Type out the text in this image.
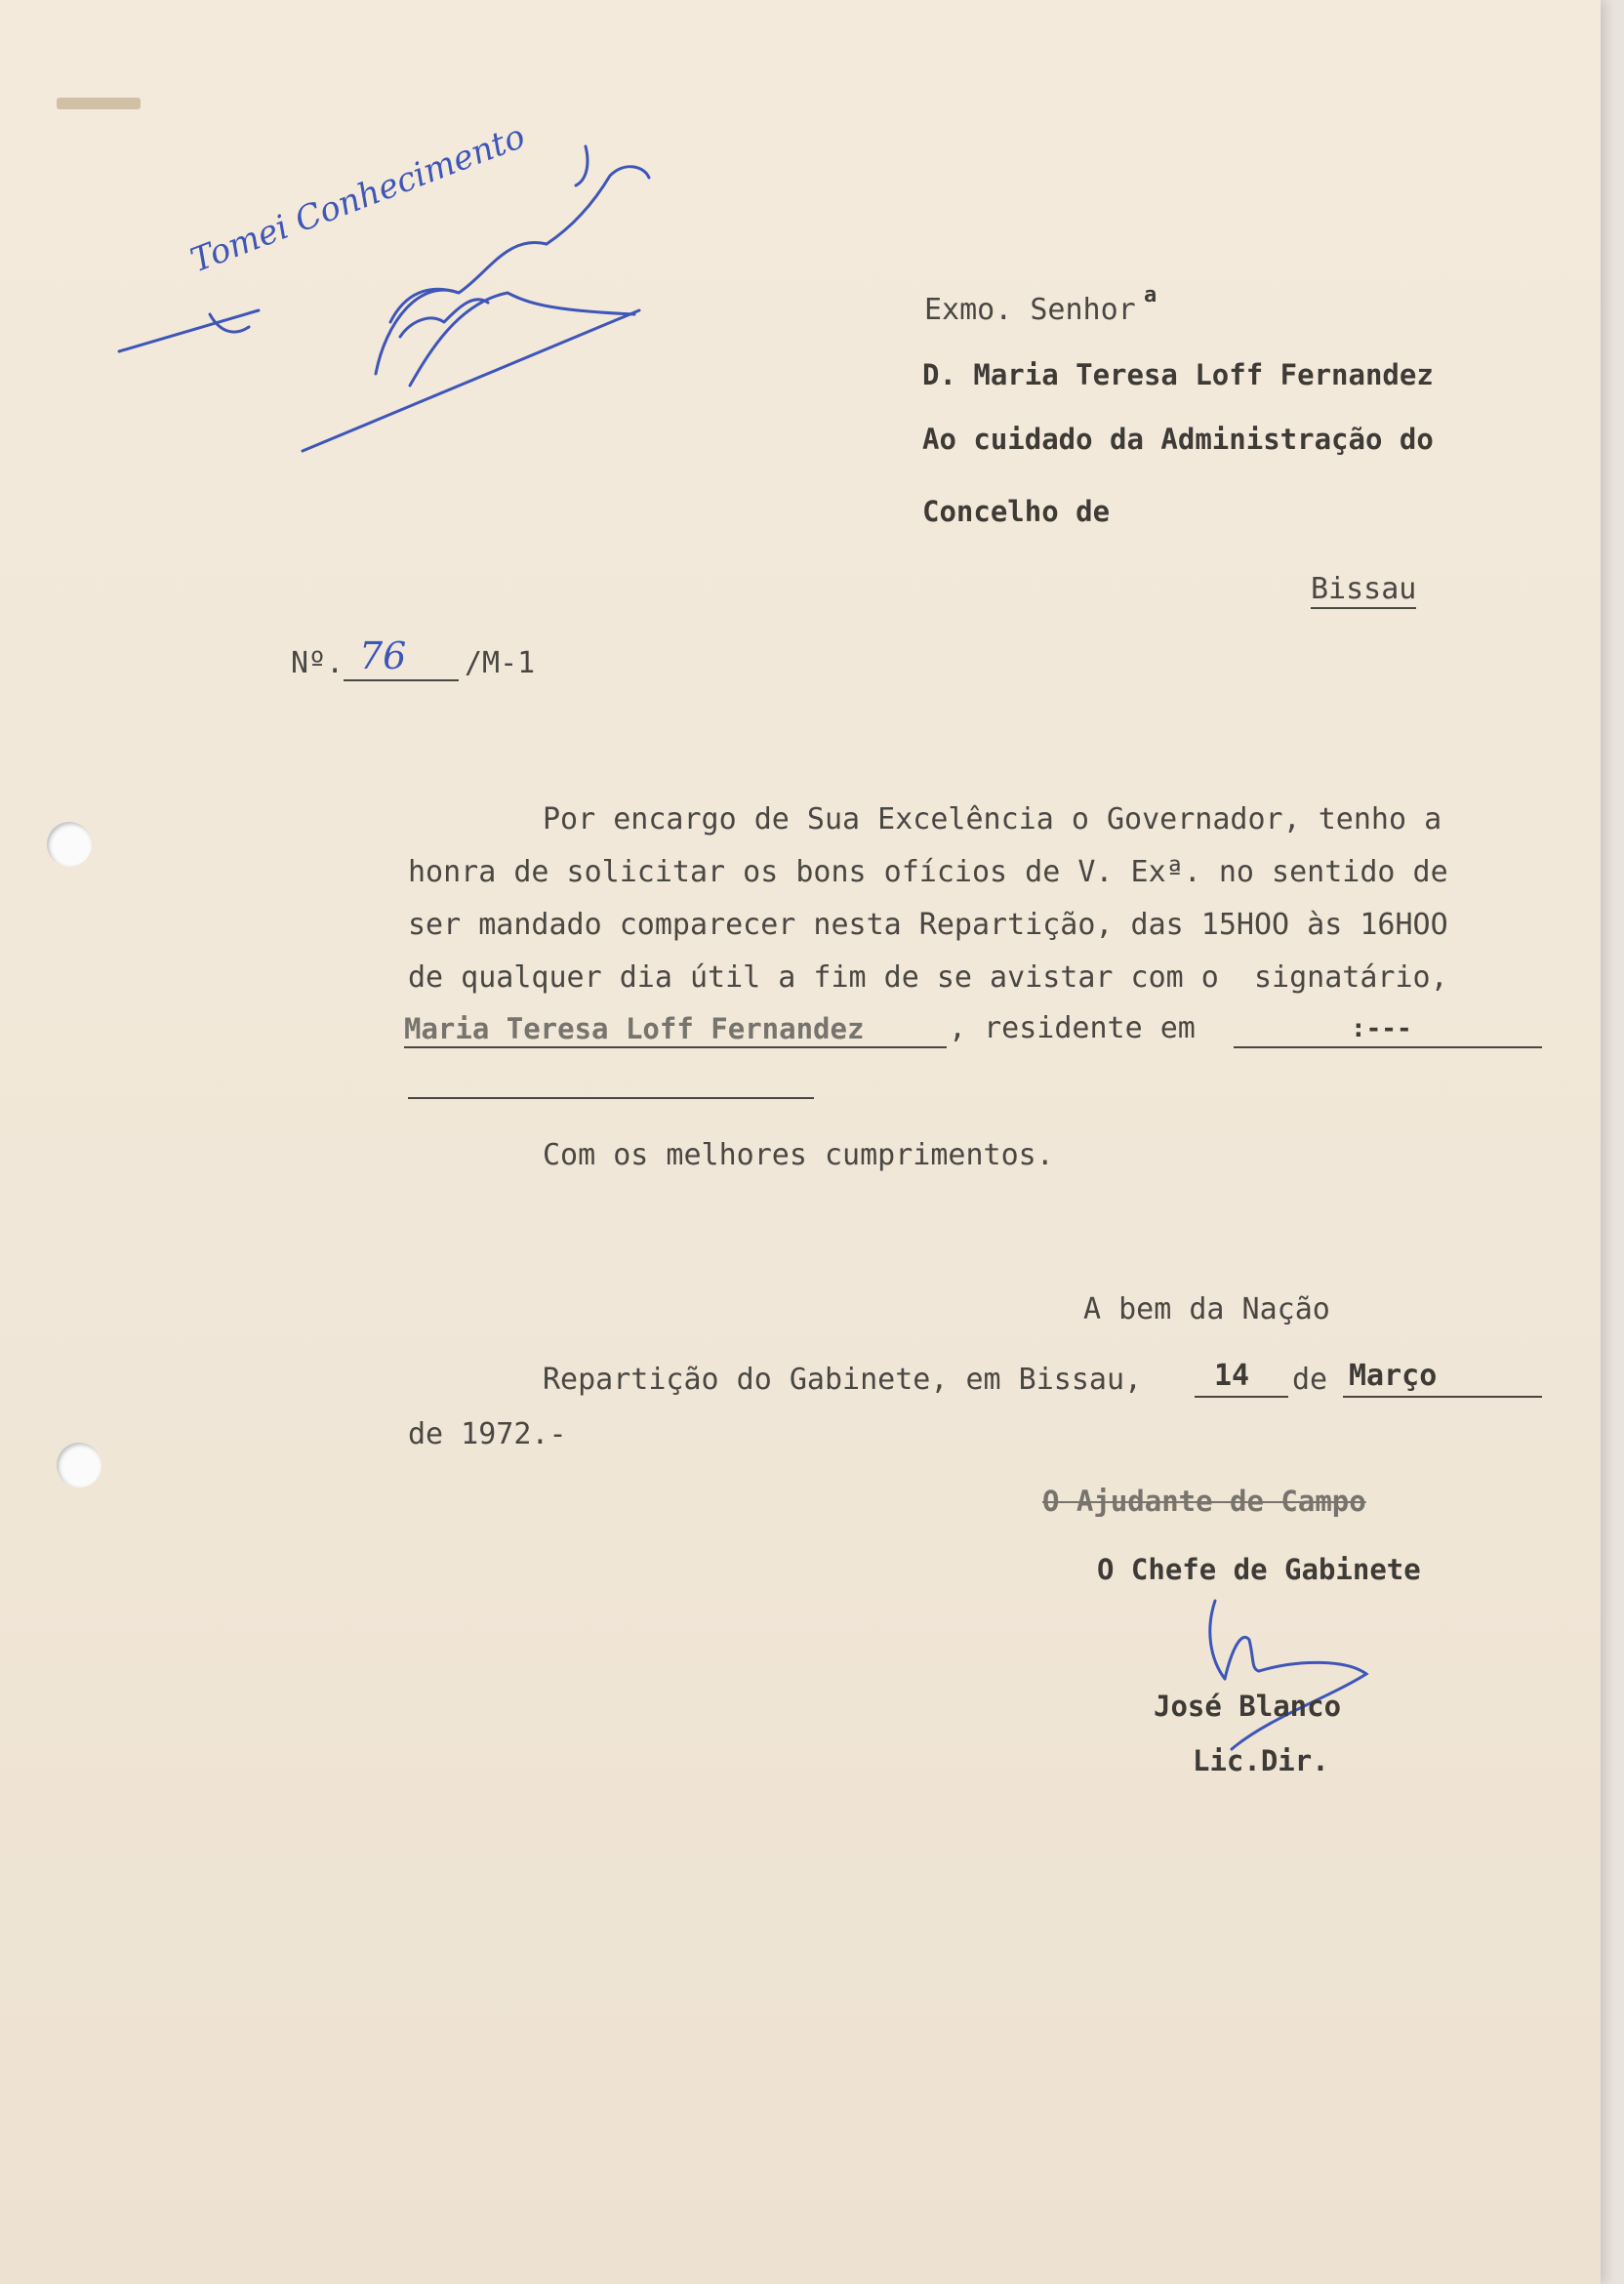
Tomei Conhecimento
Exmo. Senhor a
D. Maria Teresa Loff Fernandez
Ao cuidado da Administração do
Concelho de
Bissau
Nº. 76 /M-1
Por encargo de Sua Excelência o Governador, tenho a
honra de solicitar os bons ofícios de V. Exª. no sentido de
ser mandado comparecer nesta Repartição, das 15HOO às 16HOO
de qualquer dia útil a fim de se avistar com o  signatário,
Maria Teresa Loff Fernandez	, residente em	:---
Com os melhores cumprimentos.
A bem da Nação
Repartição do Gabinete, em Bissau, 14 de Março
de 1972.-
O Ajudante de Campo
O Chefe de Gabinete
José Blanco
Lic.Dir.
